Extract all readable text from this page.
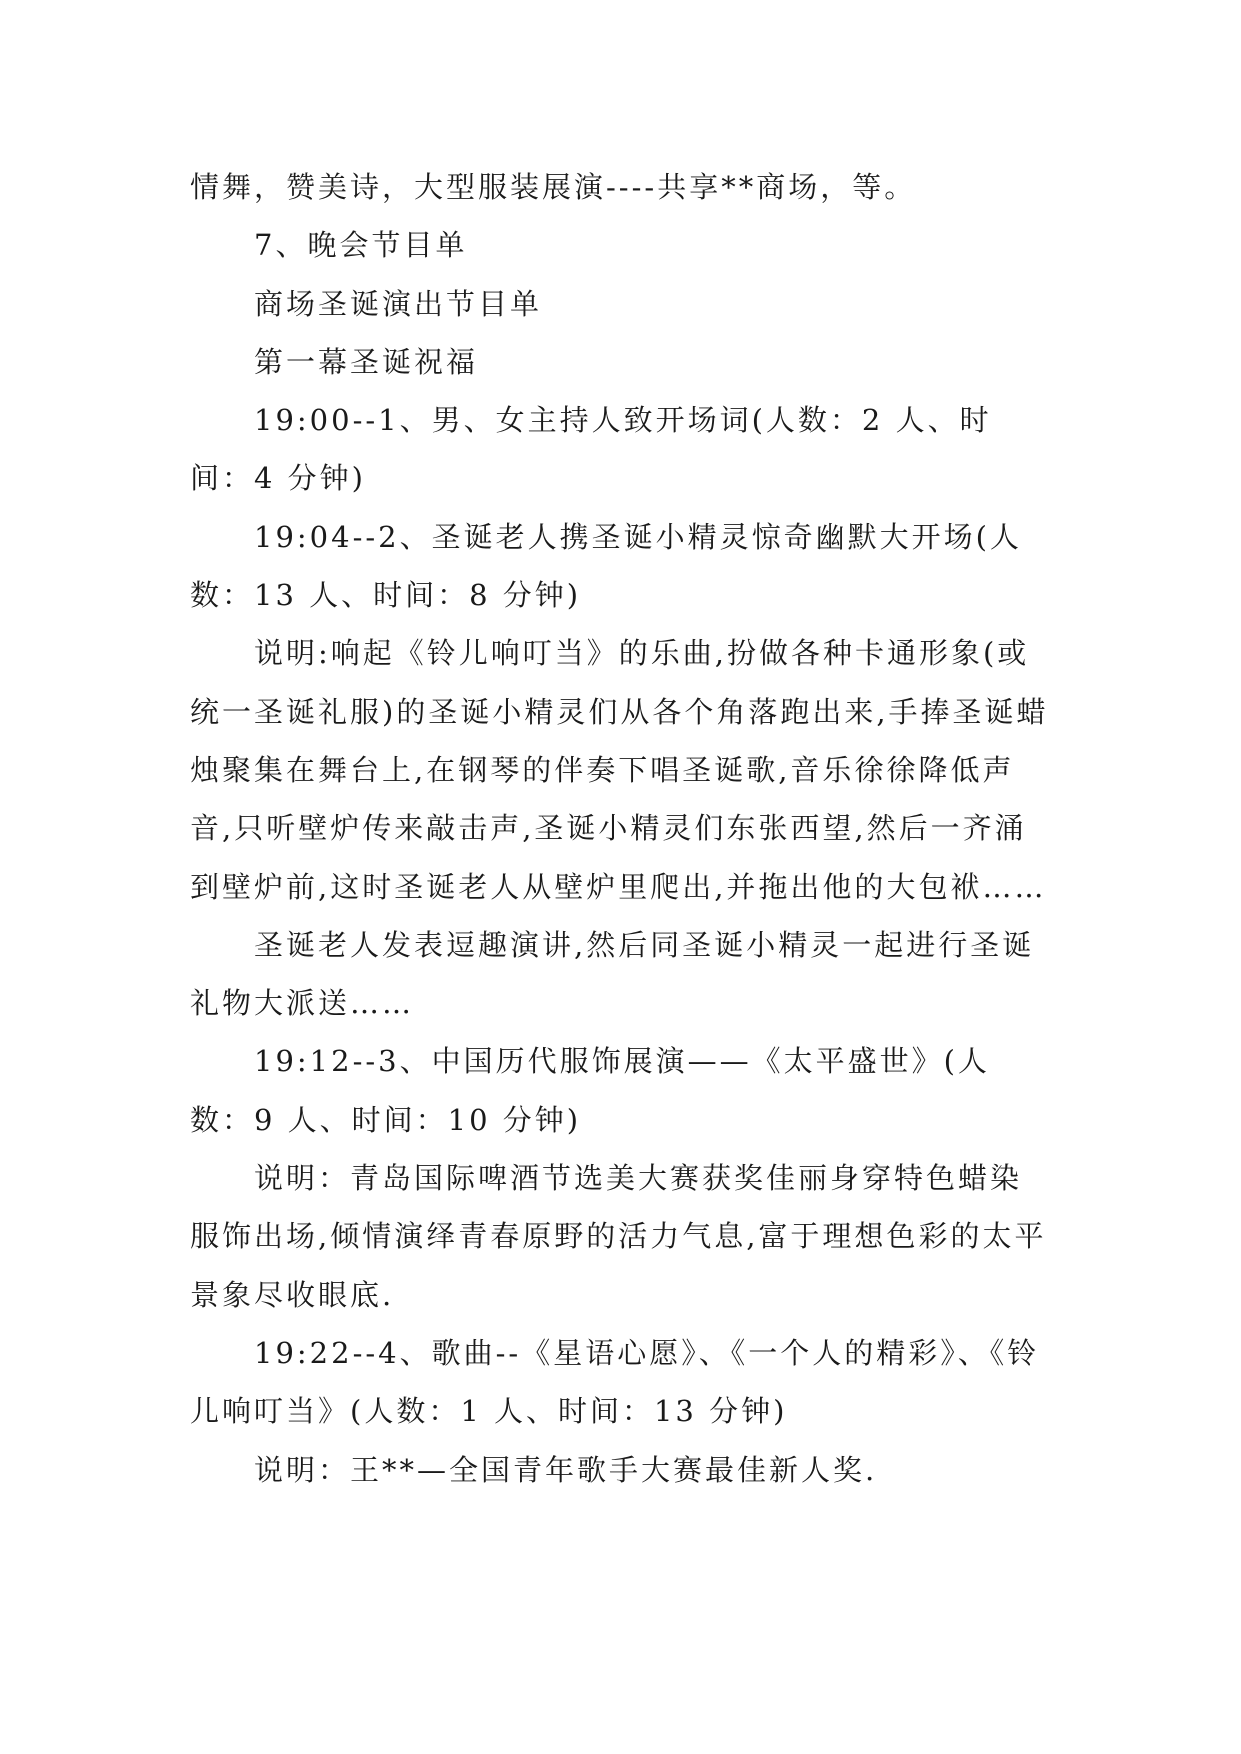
情舞，赞美诗，大型服装展演----共享**商场，等。

7、晚会节目单

商场圣诞演出节目单

第一幕圣诞祝福

19:00--1、男、女主持人致开场词(人数：2 人、时间：4 分钟)

19:04--2、圣诞老人携圣诞小精灵惊奇幽默大开场(人数：13 人、时间：8 分钟)

说明:响起《铃儿响叮当》的乐曲,扮做各种卡通形象(或统一圣诞礼服)的圣诞小精灵们从各个角落跑出来,手捧圣诞蜡烛聚集在舞台上,在钢琴的伴奏下唱圣诞歌,音乐徐徐降低声音,只听壁炉传来敲击声,圣诞小精灵们东张西望,然后一齐涌到壁炉前,这时圣诞老人从壁炉里爬出,并拖出他的大包袱……

圣诞老人发表逗趣演讲,然后同圣诞小精灵一起进行圣诞礼物大派送……

19:12--3、中国历代服饰展演——《太平盛世》(人数：9 人、时间：10 分钟)

说明：青岛国际啤酒节选美大赛获奖佳丽身穿特色蜡染服饰出场,倾情演绎青春原野的活力气息,富于理想色彩的太平景象尽收眼底.

19:22--4、歌曲--《星语心愿》、《一个人的精彩》、《铃儿响叮当》(人数：1 人、时间：13 分钟)

说明：王**—全国青年歌手大赛最佳新人奖.
